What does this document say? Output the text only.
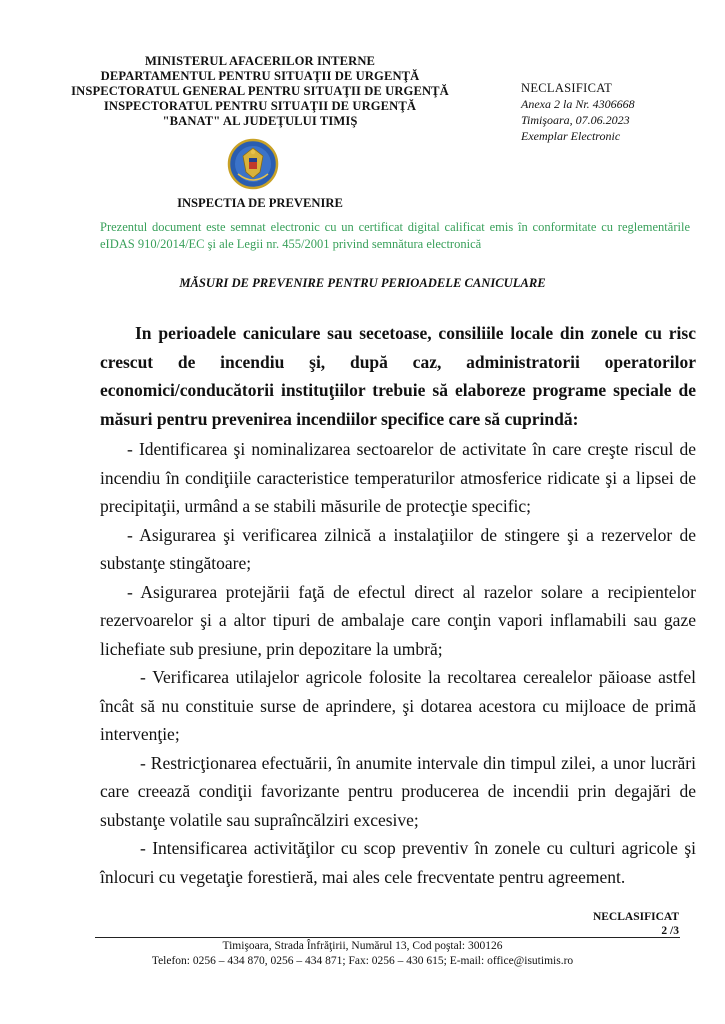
MINISTERUL AFACERILOR INTERNE
DEPARTAMENTUL PENTRU SITUAŢII DE URGENŢĂ
INSPECTORATUL GENERAL PENTRU SITUAŢII DE URGENŢĂ
INSPECTORATUL PENTRU SITUAŢII DE URGENŢĂ
"BANAT" AL JUDEŢULUI TIMIŞ
NECLASIFICAT
Anexa 2 la Nr. 4306668
Timişoara, 07.06.2023
Exemplar Electronic
INSPECTIA DE PREVENIRE
Prezentul document este semnat electronic cu un certificat digital calificat emis în conformitate cu reglementările eIDAS 910/2014/EC şi ale Legii nr. 455/2001 privind semnătura electronică
MĂSURI DE PREVENIRE PENTRU PERIOADELE CANICULARE

In perioadele caniculare sau secetoase, consiliile locale din zonele cu risc crescut de incendiu şi, după caz, administratorii operatorilor economici/conducătorii instituţiilor trebuie să elaboreze programe speciale de măsuri pentru prevenirea incendiilor specifice care să cuprindă:

- Identificarea şi nominalizarea sectoarelor de activitate în care creşte riscul de incendiu în condiţiile caracteristice temperaturilor atmosferice ridicate şi a lipsei de precipitaţii, urmând a se stabili măsurile de protecţie specific;

- Asigurarea şi verificarea zilnică a instalaţiilor de stingere şi a rezervelor de substanţe stingătoare;

- Asigurarea protejării faţă de efectul direct al razelor solare a recipientelor rezervoarelor şi a altor tipuri de ambalaje care conţin vapori inflamabili sau gaze lichefiate sub presiune, prin depozitare la umbră;

- Verificarea utilajelor agricole folosite la recoltarea cerealelor păioase astfel încât să nu constituie surse de aprindere, şi dotarea acestora cu mijloace de primă intervenţie;

- Restricţionarea efectuării, în anumite intervale din timpul zilei, a unor lucrări care creează condiţii favorizante pentru producerea de incendii prin degajări de substanţe volatile sau supraîncălziri excesive;

- Intensificarea activităţilor cu scop preventiv în zonele cu culturi agricole şi înlocuri cu vegetaţie forestieră, mai ales cele frecventate pentru agreement.

NECLASIFICAT
2 /3
Timişoara, Strada Înfrăţirii, Numărul 13, Cod poştal: 300126
Telefon: 0256 – 434 870, 0256 – 434 871; Fax: 0256 – 430 615; E-mail: office@isutimis.ro
